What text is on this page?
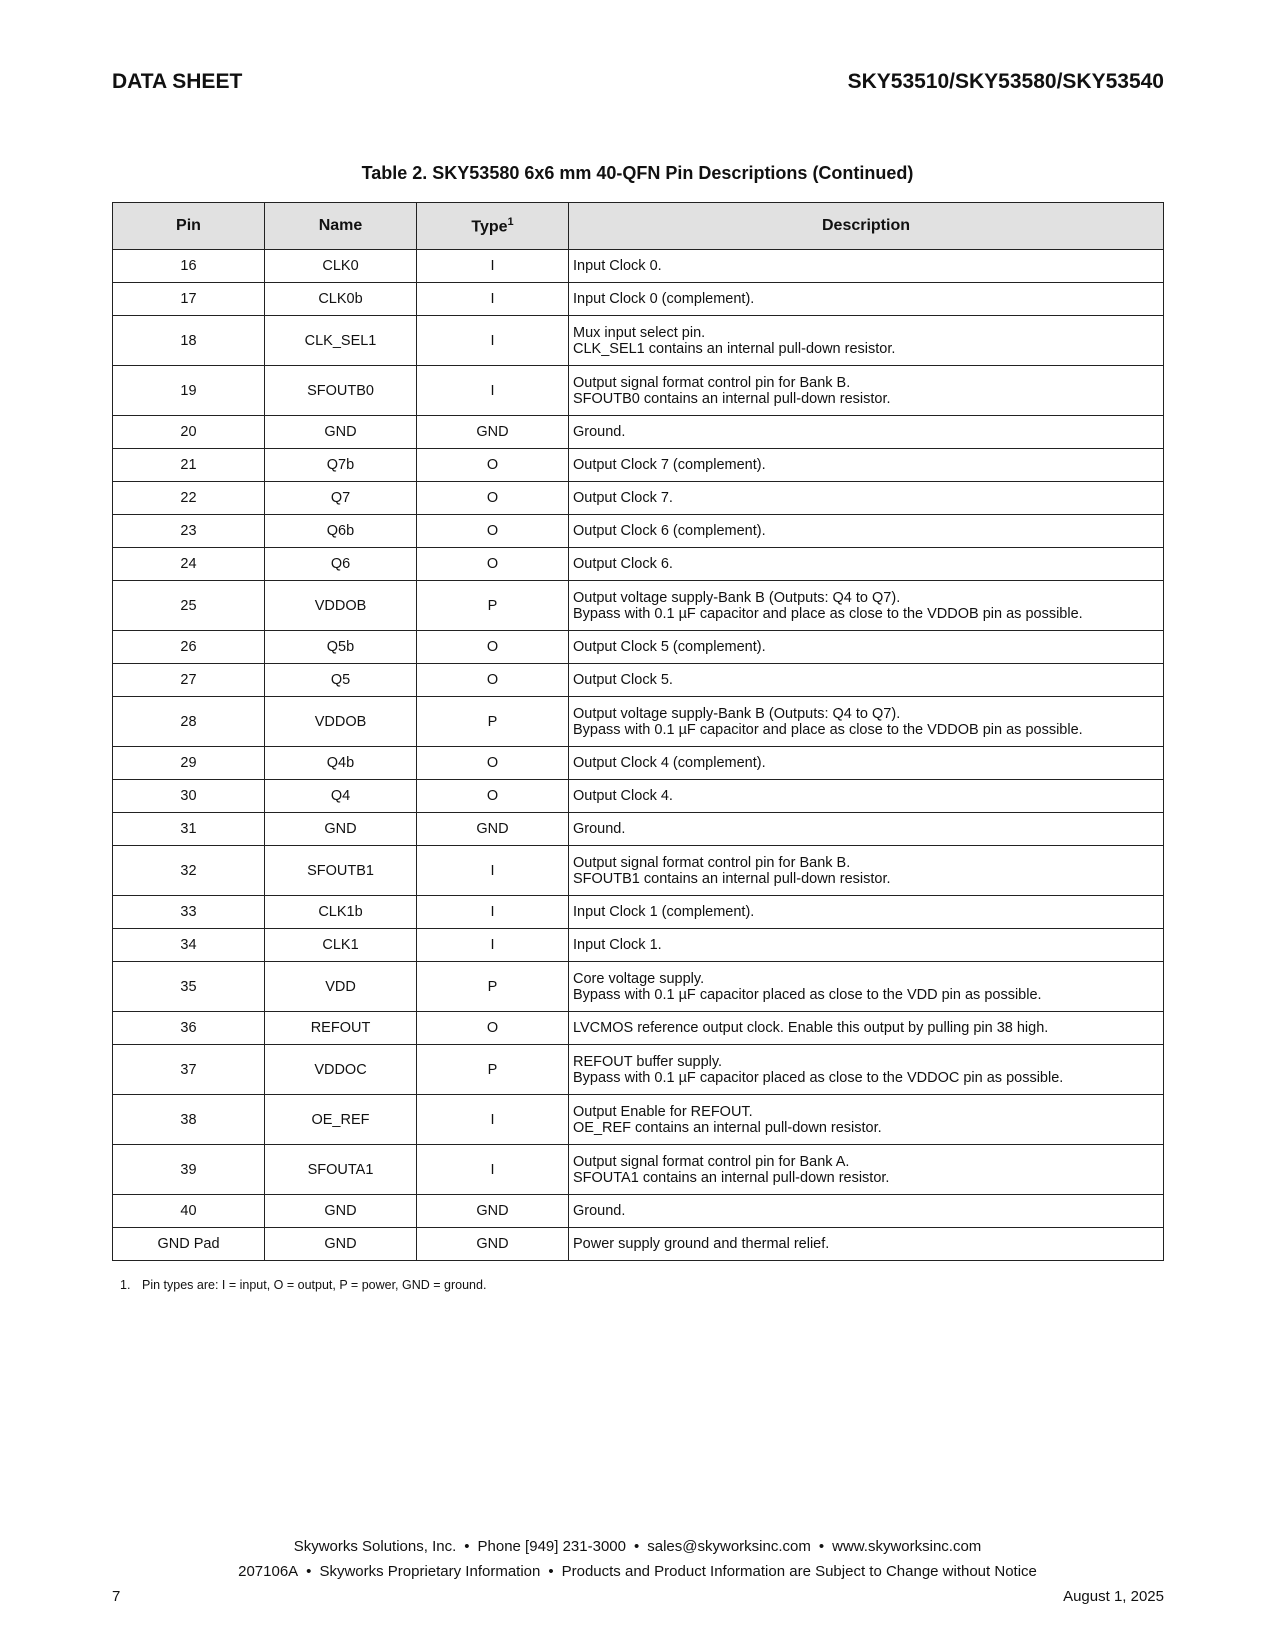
DATA SHEET	SKY53510/SKY53580/SKY53540
Table 2. SKY53580 6x6 mm 40-QFN Pin Descriptions (Continued)
Pin	Name	Type$^1$	Description
16	CLK0	I	Input Clock 0.

17	CLK0b	I	Input Clock 0 (complement).

18	CLK_SEL1	I	Mux input select pin.
CLK_SEL1 contains an internal pull-down resistor.

19	SFOUTB0	I	Output signal format control pin for Bank B.
SFOUTB0 contains an internal pull-down resistor.

20	GND	GND	Ground.

21	Q7b	O	Output Clock 7 (complement).

22	Q7	O	Output Clock 7.

23	Q6b	O	Output Clock 6 (complement).

24	Q6	O	Output Clock 6.

25	VDDOB	P	Output voltage supply-Bank B (Outputs: Q4 to Q7).
Bypass with 0.1 µF capacitor and place as close to the VDDOB pin as possible.

26	Q5b	O	Output Clock 5 (complement).

27	Q5	O	Output Clock 5.

28	VDDOB	P	Output voltage supply-Bank B (Outputs: Q4 to Q7).
Bypass with 0.1 µF capacitor and place as close to the VDDOB pin as possible.

29	Q4b	O	Output Clock 4 (complement).

30	Q4	O	Output Clock 4.

31	GND	GND	Ground.

32	SFOUTB1	I	Output signal format control pin for Bank B.
SFOUTB1 contains an internal pull-down resistor.

33	CLK1b	I	Input Clock 1 (complement).

34	CLK1	I	Input Clock 1.

35	VDD	P	Core voltage supply.
Bypass with 0.1 µF capacitor placed as close to the VDD pin as possible.

36	REFOUT	O	LVCMOS reference output clock. Enable this output by pulling pin 38 high.

37	VDDOC	P	REFOUT buffer supply.
Bypass with 0.1 µF capacitor placed as close to the VDDOC pin as possible.

38	OE_REF	I	Output Enable for REFOUT.
OE_REF contains an internal pull-down resistor.

39	SFOUTA1	I	Output signal format control pin for Bank A.
SFOUTA1 contains an internal pull-down resistor.

40	GND	GND	Ground.

GND Pad	GND	GND	Power supply ground and thermal relief.
1. Pin types are: I = input, O = output, P = power, GND = ground.
Skyworks Solutions, Inc. • Phone [949] 231-3000 • sales@skyworksinc.com • www.skyworksinc.com
207106A • Skyworks Proprietary Information • Products and Product Information are Subject to Change without Notice
7	August 1, 2025
